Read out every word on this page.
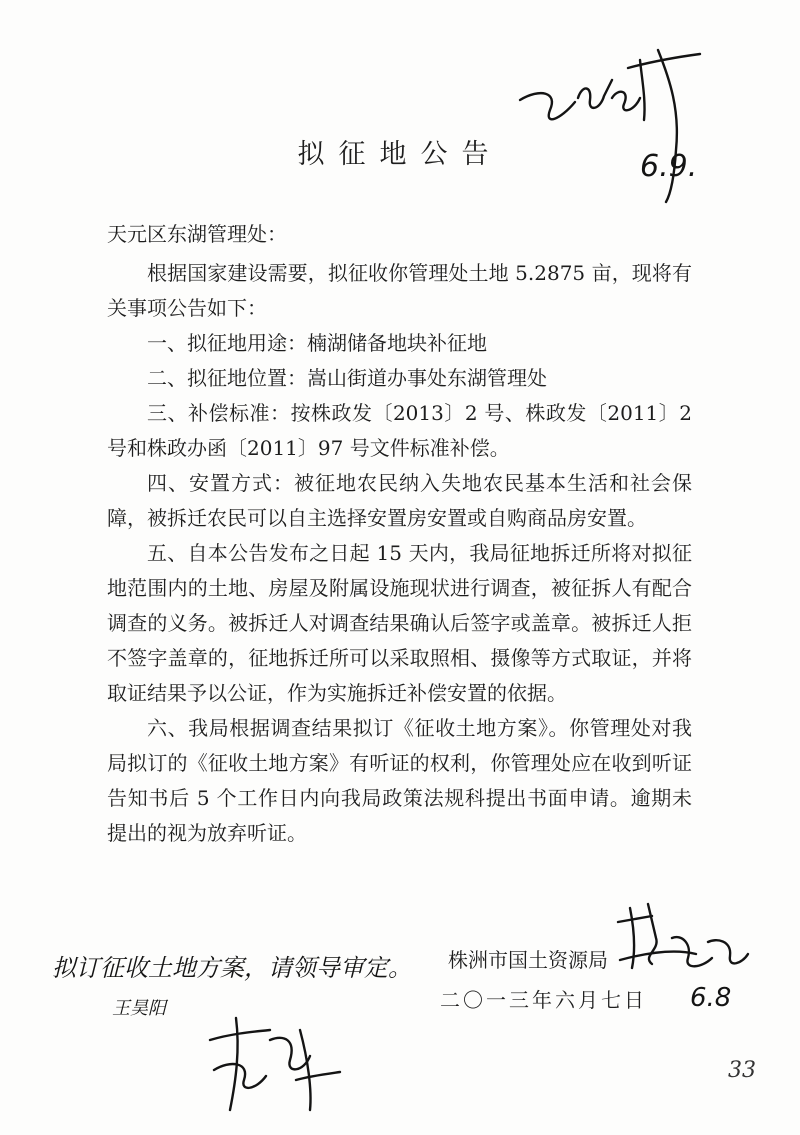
6.9.
拟征地公告
天元区东湖管理处：

根据国家建设需要，拟征收你管理处土地 5.2875 亩，现将有关事项公告如下：

一、拟征地用途：楠湖储备地块补征地

二、拟征地位置：嵩山街道办事处东湖管理处

三、补偿标准：按株政发〔2013〕2 号、株政发〔2011〕2 号和株政办函〔2011〕97 号文件标准补偿。

四、安置方式：被征地农民纳入失地农民基本生活和社会保障，被拆迁农民可以自主选择安置房安置或自购商品房安置。

五、自本公告发布之日起 15 天内，我局征地拆迁所将对拟征地范围内的土地、房屋及附属设施现状进行调查，被征拆人有配合调查的义务。被拆迁人对调查结果确认后签字或盖章。被拆迁人拒不签字盖章的，征地拆迁所可以采取照相、摄像等方式取证，并将取证结果予以公证，作为实施拆迁补偿安置的依据。

六、我局根据调查结果拟订《征收土地方案》。你管理处对我局拟订的《征收土地方案》有听证的权利，你管理处应在收到听证告知书后 5 个工作日内向我局政策法规科提出书面申请。逾期未提出的视为放弃听证。

株洲市国土资源局
二〇一三年六月七日 6.8
拟订征收土地方案，请领导审定。
王昊阳
33
